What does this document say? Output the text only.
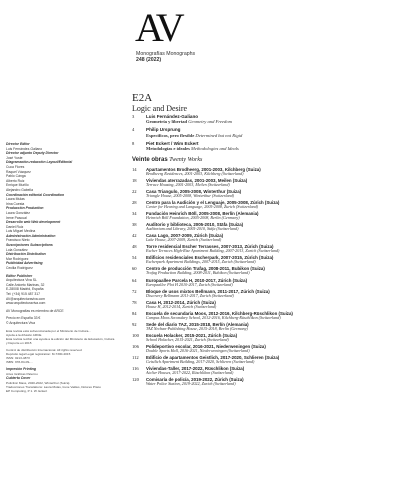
AV
Monografías Monographs
248 (2022)
E2A
Logic and Desire
Director Editor
Luis Fernández-Galiano
Director adjunto Deputy Director
José Yuste
Diagramación-redacción Layout/Editorial
Cuca Flores
Raquel Vázquez
Pablo Cánga
Alberto Ruiz
Enrique Murillo
Alejandro Gabella
Coordinación editorial Coordination
Laura Mulas
Irina Cuesta
Producción Production
Laura González
Irene Pascual
Desarrollo web Web development
Daniel Ruiz
Luis Miguel Medina
Administración Administration
Francisco Nieto
Suscripciones Subscriptions
Lola González
Distribución Distribution
Mar Rodríguez
Publicidad Advertising
Cecilia Rodríguez
Editor Publisher
Arquitectura Viva SL
Calle Aniceto Marinas, 32
E-28008 Madrid, España
Tel: (+34) 915 487 317
AV@arquitecturaviva.com
www.arquitecturaviva.com
AV Monografías es miembro de ARCE
Precio en España 33 €
© Arquitectura Viva
Esta revista está subvencionada por el Ministerio de Cultura...
Ayuda a la difusión ARCE.
Esta revista recibió una ayuda a la edición del Ministerio de Educación, Cultura y Deporte en 2015
Control de distribución Internacional. All rights reserved
Depósito legal Legal registration: M-7300-2015
ISSN: 0213-487X
ISBN: 978-84-09-...
Impresión Printing
Artes Gráficas Palermo
Cubierta Cover
Policlinic Mass, 2020-2022, Winterthur (Suiza)
Traducciones Translations: Laura Mulas, Irene Valdes, Dolores Prieto
EP Computing, P 1. W. Eckert
3	Luis Fernández-Galiano
Geometría y libertad Geometry and Freedom
4	Philip Ursprung
Especificos, pero flexible Determined but not Rigid
8	Piet Eckert / Wim Eckert
Metodologías e ideales Methodologies and Ideals
Veinte obras Twenty Works
14	Apartamentos Brodheerg, 2001-2003, Kilchberg (Suiza)
Brodheerg Residences, 2001-2003, Kilchberg (Switzerland)
18	Viviendas aterrazadas, 2001-2003, Meilen (Suiza)
Terrace Housing, 2001-2003, Meilen (Switzerland)
22	Casa Triangulo, 2005-2008, Winterthur (Suiza)
Triangle House, 2005-2008, Winterthur (Switzerland)
28	Centro para la Audición y el Lenguaje, 2005-2008, Zúrich (Suiza)
Center for Hearing and Language, 2005-2008, Zurich (Switzerland)
34	Fundación Heinrich Böll, 2005-2008, Berlín (Alemania)
Heinrich Böll Foundation, 2005-2008, Berlin (Germany)
38	Auditorio y biblioteca, 2005-2010, Stäfa (Suiza)
Auditorium and Library, 2005-2010, Stäfa (Switzerland)
42	Casa Lago, 2007-2009, Zúrich (Suiza)
Lake House, 2007-2009, Zurich (Switzerland)
48	Torre residencial Escher Terrasses, 2007-2013, Zúrich (Suiza)
Escher Terraces High-Rise Apartment Building, 2007-2013, Zurich (Switzerland)
54	Edificios residenciales Escherpark, 2007-2015, Zúrich (Suiza)
Escherpark Apartment Buildings, 2007-2015, Zurich (Switzerland)
60	Centro de producción Trafag, 2008-2011, Bubikon (Suiza)
Trafag Production Building, 2008-2011, Bubikon (Switzerland)
64	Europaallee Parcela H, 2010-2017, Zúrich (Suiza)
Europaallee Plot H 2010-2017, Zurich (Switzerland)
72	Bloque de usos mixtos Bellmann, 2011-2017, Zúrich (Suiza)
Discovery Bellmann 2011-2017, Zurich (Switzerland)
78	Casa H, 2012-2014, Zúrich (Suiza)
House H, 2012-2014, Zurich (Switzerland)
84	Escuela de secundaria Moos, 2012-2016, Kilchberg-Rüschlikon (Suiza)
Campus Moos Secondary School, 2012-2016, Kilchberg-Rüschlikon (Switzerland)
92	Sede del diario TAZ, 2015-2018, Berlín (Alemania)
TAZ Nechan-Publishing House, 2015-2018, Berlin (Germany)
100	Escuela Holacker, 2015-2021, Zúrich (Suiza)
School Holacker, 2015-2021, Zurich (Switzerland)
106	Polideportivo escolar, 2016-2021, Niederweningen (Suiza)
Double Sports Hall, 2016-2021, Niederweningen (Switzerland)
112	Edificio de apartamentos Geistlich, 2017-2020, Schlieren (Suiza)
Geistlich Apartment Building, 2017-2020, Schlieren (Switzerland)
116	Viviendas-Taller, 2017-2022, Rüschlikon (Suiza)
Atelier Houses, 2017-2022, Rüschlikon (Switzerland)
120	Comisaría de policía, 2019-2022, Zúrich (Suiza)
Water Police Station, 2019-2022, Zurich (Switzerland)
